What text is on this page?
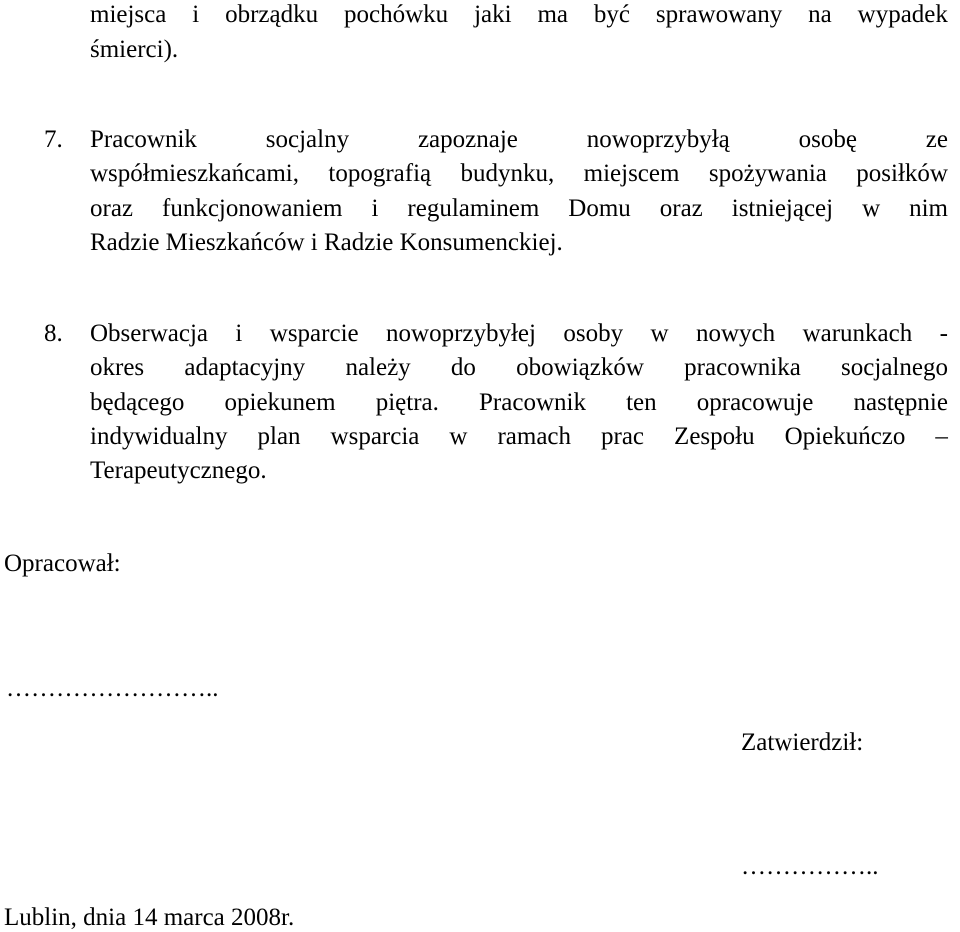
miejsca i obrządku pochówku jaki ma być sprawowany na wypadek
śmierci).
7. Pracownik	socjalny	zapoznaje	nowoprzybyłą	osobę	ze
współmieszkańcami, topografią budynku, miejscem spożywania posiłków
oraz funkcjonowaniem i regulaminem Domu oraz istniejącej w nim
Radzie Mieszkańców i Radzie Konsumenckiej.
8. Obserwacja i wsparcie nowoprzybyłej osoby w nowych warunkach -
okres adaptacyjny należy do obowiązków pracownika socjalnego
będącego opiekunem piętra. Pracownik ten opracowuje następnie
indywidualny plan wsparcia w ramach prac Zespołu Opiekuńczo –
Terapeutycznego.
Opracował:
……………………..
Zatwierdził:
……………..
Lublin, dnia 14 marca 2008r.
